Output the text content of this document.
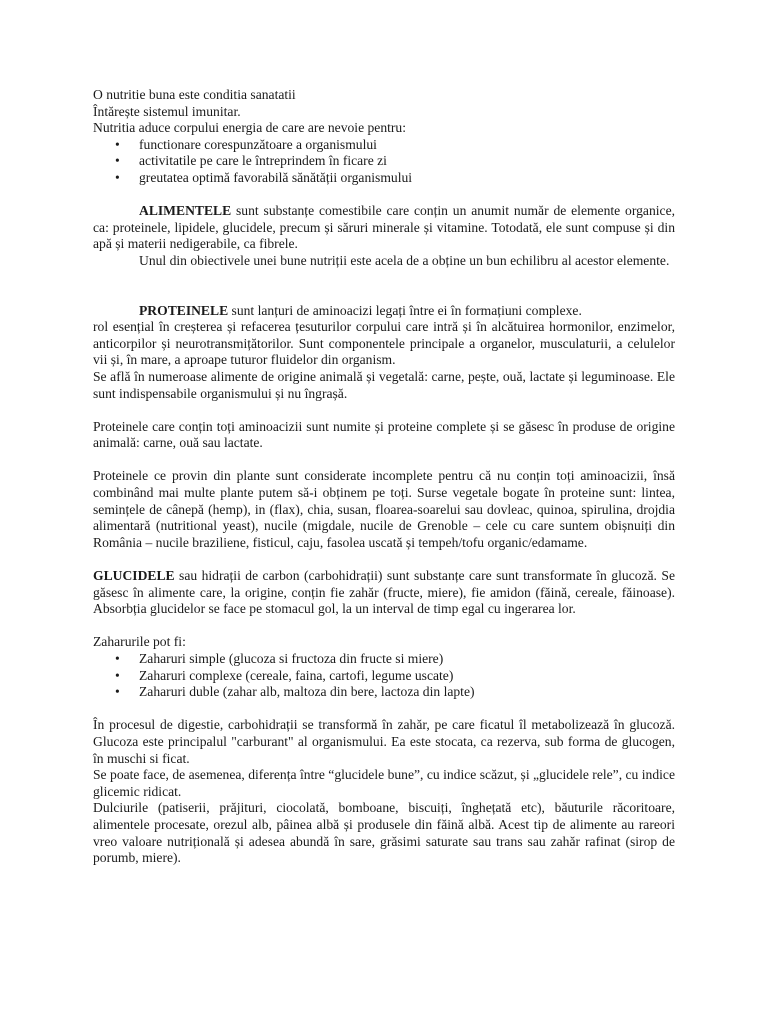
O nutritie buna este conditia sanatatii

Întărește sistemul imunitar.

Nutritia aduce corpului energia de care are nevoie pentru:

• functionare corespunzătoare a organismului
• activitatile pe care le întreprindem în ficare zi
• greutatea optimă favorabilă sănătății organismului

ALIMENTELE sunt substanțe comestibile care conțin un anumit număr de elemente organice, ca: proteinele, lipidele, glucidele, precum și săruri minerale și vitamine. Totodată, ele sunt compuse și din apă și materii nedigerabile, ca fibrele.

Unul din obiectivele unei bune nutriții este acela de a obține un bun echilibru al acestor elemente.

PROTEINELE sunt lanțuri de aminoacizi legați între ei în formațiuni complexe.

rol esențial în creșterea și refacerea țesuturilor corpului care intră și în alcătuirea hormonilor, enzimelor, anticorpilor și neurotransmițătorilor. Sunt componentele principale a organelor, musculaturii, a celulelor vii și, în mare, a aproape tuturor fluidelor din organism.

Se află în numeroase alimente de origine animală și vegetală: carne, pește, ouă, lactate și leguminoase. Ele sunt indispensabile organismului și nu îngrașă.

Proteinele care conțin toți aminoacizii sunt numite și proteine complete și se găsesc în produse de origine animală: carne, ouă sau lactate.

Proteinele ce provin din plante sunt considerate incomplete pentru că nu conțin toți aminoacizii, însă combinând mai multe plante putem să-i obținem pe toți. Surse vegetale bogate în proteine sunt: lintea, semințele de cânepă (hemp), in (flax), chia, susan, floarea-soarelui sau dovleac, quinoa, spirulina, drojdia alimentară (nutritional yeast), nucile (migdale, nucile de Grenoble – cele cu care suntem obișnuiți din România – nucile braziliene, fisticul, caju, fasolea uscată și tempeh/tofu organic/edamame.

GLUCIDELE sau hidrații de carbon (carbohidrații) sunt substanțe care sunt transformate în glucoză. Se găsesc în alimente care, la origine, conțin fie zahăr (fructe, miere), fie amidon (făină, cereale, făinoase). Absorbția glucidelor se face pe stomacul gol, la un interval de timp egal cu ingerarea lor.

Zaharurile pot fi:

• Zaharuri simple (glucoza si fructoza din fructe si miere)
• Zaharuri complexe (cereale, faina, cartofi, legume uscate)
• Zaharuri duble (zahar alb, maltoza din bere, lactoza din lapte)

În procesul de digestie, carbohidrații se transformă în zahăr, pe care ficatul îl metabolizează în glucoză. Glucoza este principalul "carburant" al organismului. Ea este stocata, ca rezerva, sub forma de glucogen, în muschi si ficat.

Se poate face, de asemenea, diferența între “glucidele bune”, cu indice scăzut, și „glucidele rele”, cu indice glicemic ridicat.

Dulciurile (patiserii, prăjituri, ciocolată, bomboane, biscuiți, înghețată etc), băuturile răcoritoare, alimentele procesate, orezul alb, pâinea albă și produsele din făină albă. Acest tip de alimente au rareori vreo valoare nutrițională și adesea abundă în sare, grăsimi saturate sau trans sau zahăr rafinat (sirop de porumb, miere).
